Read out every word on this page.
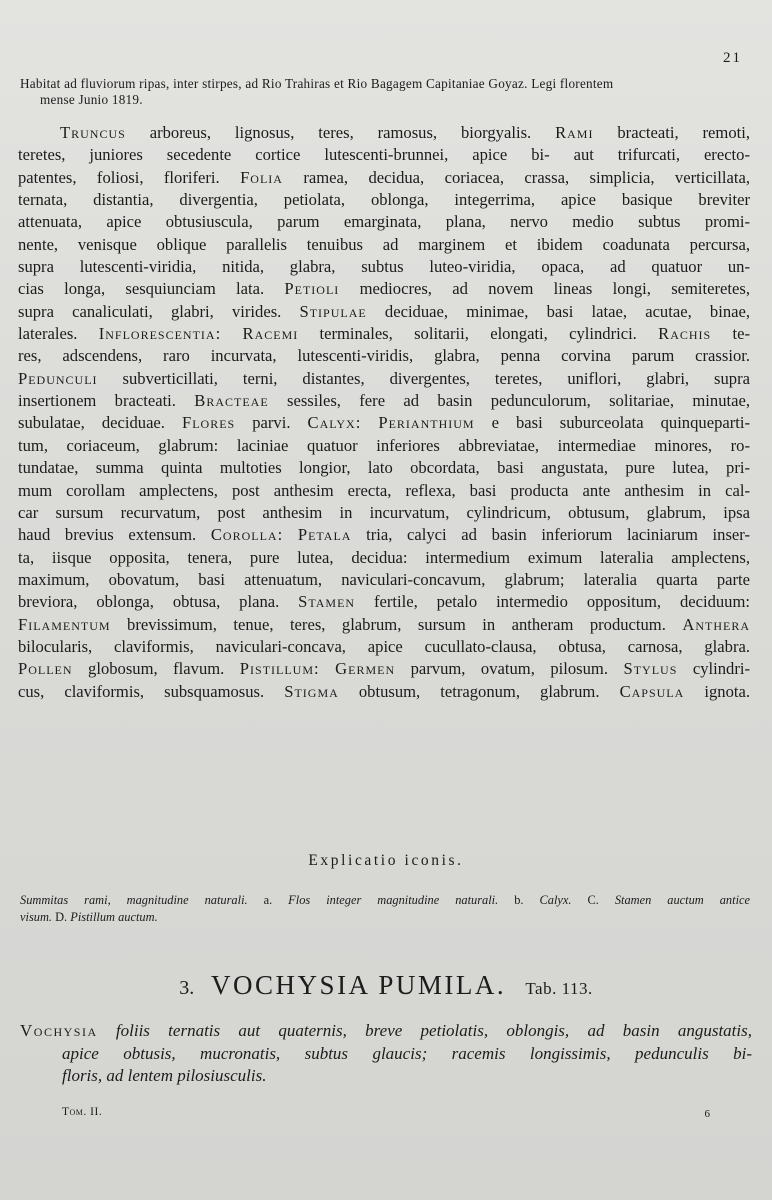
21
Habitat ad fluviorum ripas, inter stirpes, ad Rio Trahiras et Rio Bagagem Capitaniae Goyaz. Legi florentem
mense Junio 1819.
Truncus arboreus, lignosus, teres, ramosus, biorgyalis. Rami bracteati, remoti,
teretes, juniores secedente cortice lutescenti-brunnei, apice bi- aut trifurcati, erecto-
patentes, foliosi, floriferi. Folia ramea, decidua, coriacea, crassa, simplicia, verticillata,
ternata, distantia, divergentia, petiolata, oblonga, integerrima, apice basique breviter
attenuata, apice obtusiuscula, parum emarginata, plana, nervo medio subtus promi-
nente, venisque oblique parallelis tenuibus ad marginem et ibidem coadunata percursa,
supra lutescenti-viridia, nitida, glabra, subtus luteo-viridia, opaca, ad quatuor un-
cias longa, sesquiunciam lata. Petioli mediocres, ad novem lineas longi, semiteretes,
supra canaliculati, glabri, virides. Stipulae deciduae, minimae, basi latae, acutae, binae,
laterales. Inflorescentia: Racemi terminales, solitarii, elongati, cylindrici. Rachis te-
res, adscendens, raro incurvata, lutescenti-viridis, glabra, penna corvina parum crassior.
Pedunculi subverticillati, terni, distantes, divergentes, teretes, uniflori, glabri, supra
insertionem bracteati. Bracteae sessiles, fere ad basin pedunculorum, solitariae, minutae,
subulatae, deciduae. Flores parvi. Calyx: Perianthium e basi suburceolata quinqueparti-
tum, coriaceum, glabrum: laciniae quatuor inferiores abbreviatae, intermediae minores, ro-
tundatae, summa quinta multoties longior, lato obcordata, basi angustata, pure lutea, pri-
mum corollam amplectens, post anthesim erecta, reflexa, basi producta ante anthesim in cal-
car sursum recurvatum, post anthesim in incurvatum, cylindricum, obtusum, glabrum, ipsa
haud brevius extensum. Corolla: Petala tria, calyci ad basin inferiorum laciniarum inser-
ta, iisque opposita, tenera, pure lutea, decidua: intermedium eximum lateralia amplectens,
maximum, obovatum, basi attenuatum, naviculari-concavum, glabrum; lateralia quarta parte
breviora, oblonga, obtusa, plana. Stamen fertile, petalo intermedio oppositum, deciduum:
Filamentum brevissimum, tenue, teres, glabrum, sursum in antheram productum. Anthera
bilocularis, claviformis, naviculari-concava, apice cucullato-clausa, obtusa, carnosa, glabra.
Pollen globosum, flavum. Pistillum: Germen parvum, ovatum, pilosum. Stylus cylindri-
cus, claviformis, subsquamosus. Stigma obtusum, tetragonum, glabrum. Capsula ignota.
Explicatio iconis.
Summitas rami, magnitudine naturali. a. Flos integer magnitudine naturali. b. Calyx. C. Stamen auctum antice
visum. D. Pistillum auctum.
3. VOCHYSIA PUMILA. Tab. 113.
Vochysia foliis ternatis aut quaternis, breve petiolatis, oblongis, ad basin angustatis,
apice obtusis, mucronatis, subtus glaucis; racemis longissimis, pedunculis bi-
floris, ad lentem pilosiusculis.
Tom. II.	6
